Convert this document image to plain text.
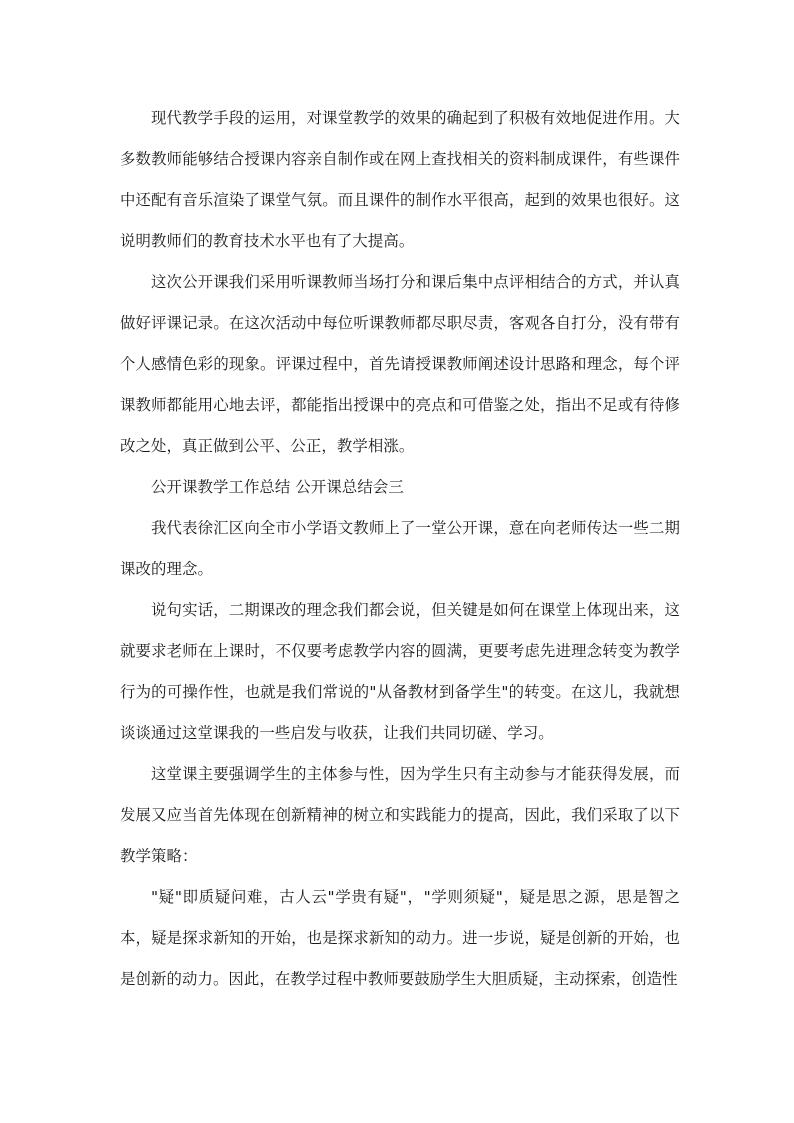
现代教学手段的运用，对课堂教学的效果的确起到了积极有效地促进作用。大多数教师能够结合授课内容亲自制作或在网上查找相关的资料制成课件，有些课件中还配有音乐渲染了课堂气氛。而且课件的制作水平很高，起到的效果也很好。这说明教师们的教育技术水平也有了大提高。

这次公开课我们采用听课教师当场打分和课后集中点评相结合的方式，并认真做好评课记录。在这次活动中每位听课教师都尽职尽责，客观各自打分，没有带有个人感情色彩的现象。评课过程中，首先请授课教师阐述设计思路和理念，每个评课教师都能用心地去评，都能指出授课中的亮点和可借鉴之处，指出不足或有待修改之处，真正做到公平、公正，教学相涨。

公开课教学工作总结 公开课总结会三

我代表徐汇区向全市小学语文教师上了一堂公开课，意在向老师传达一些二期课改的理念。

说句实话，二期课改的理念我们都会说，但关键是如何在课堂上体现出来，这就要求老师在上课时，不仅要考虑教学内容的圆满，更要考虑先进理念转变为教学行为的可操作性，也就是我们常说的"从备教材到备学生"的转变。在这儿，我就想谈谈通过这堂课我的一些启发与收获，让我们共同切磋、学习。

这堂课主要强调学生的主体参与性，因为学生只有主动参与才能获得发展，而发展又应当首先体现在创新精神的树立和实践能力的提高，因此，我们采取了以下教学策略：

"疑"即质疑问难，古人云"学贵有疑"，"学则须疑"，疑是思之源，思是智之本，疑是探求新知的开始，也是探求新知的动力。进一步说，疑是创新的开始，也是创新的动力。因此，在教学过程中教师要鼓励学生大胆质疑，主动探索，创造性
